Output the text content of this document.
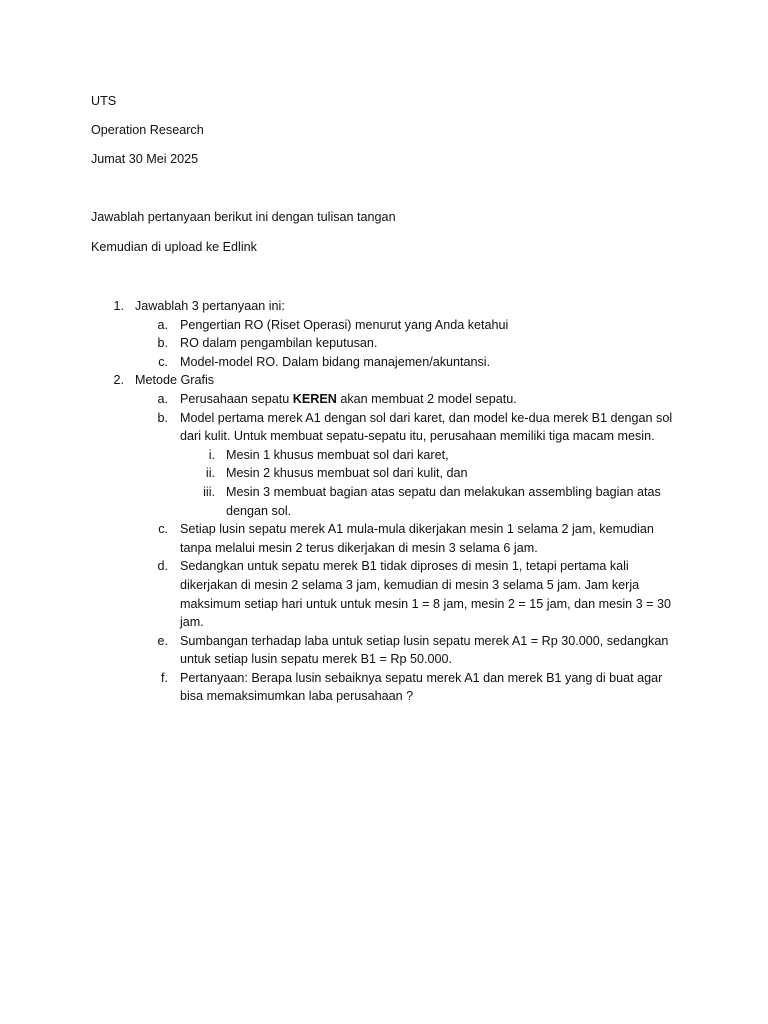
UTS
Operation Research
Jumat 30 Mei 2025
Jawablah pertanyaan berikut ini dengan tulisan tangan
Kemudian di upload ke Edlink
1. Jawablah 3 pertanyaan ini:
a. Pengertian RO (Riset Operasi) menurut yang Anda ketahui
b. RO dalam pengambilan keputusan.
c. Model-model RO. Dalam bidang manajemen/akuntansi.
2. Metode Grafis
a. Perusahaan sepatu KEREN akan membuat 2 model sepatu.
b. Model pertama merek A1 dengan sol dari karet, dan model ke-dua merek B1 dengan sol dari kulit. Untuk membuat sepatu-sepatu itu, perusahaan memiliki tiga macam mesin.
i. Mesin 1 khusus membuat sol dari karet,
ii. Mesin 2 khusus membuat sol dari kulit, dan
iii. Mesin 3 membuat bagian atas sepatu dan melakukan assembling bagian atas dengan sol.
c. Setiap lusin sepatu merek A1 mula-mula dikerjakan mesin 1 selama 2 jam, kemudian tanpa melalui mesin 2 terus dikerjakan di mesin 3 selama 6 jam.
d. Sedangkan untuk sepatu merek B1 tidak diproses di mesin 1, tetapi pertama kali dikerjakan di mesin 2 selama 3 jam, kemudian di mesin 3 selama 5 jam. Jam kerja maksimum setiap hari untuk untuk mesin 1 = 8 jam, mesin 2 = 15 jam, dan mesin 3 = 30 jam.
e. Sumbangan terhadap laba untuk setiap lusin sepatu merek A1 = Rp 30.000, sedangkan untuk setiap lusin sepatu merek B1 = Rp 50.000.
f. Pertanyaan: Berapa lusin sebaiknya sepatu merek A1 dan merek B1 yang di buat agar bisa memaksimumkan laba perusahaan ?
